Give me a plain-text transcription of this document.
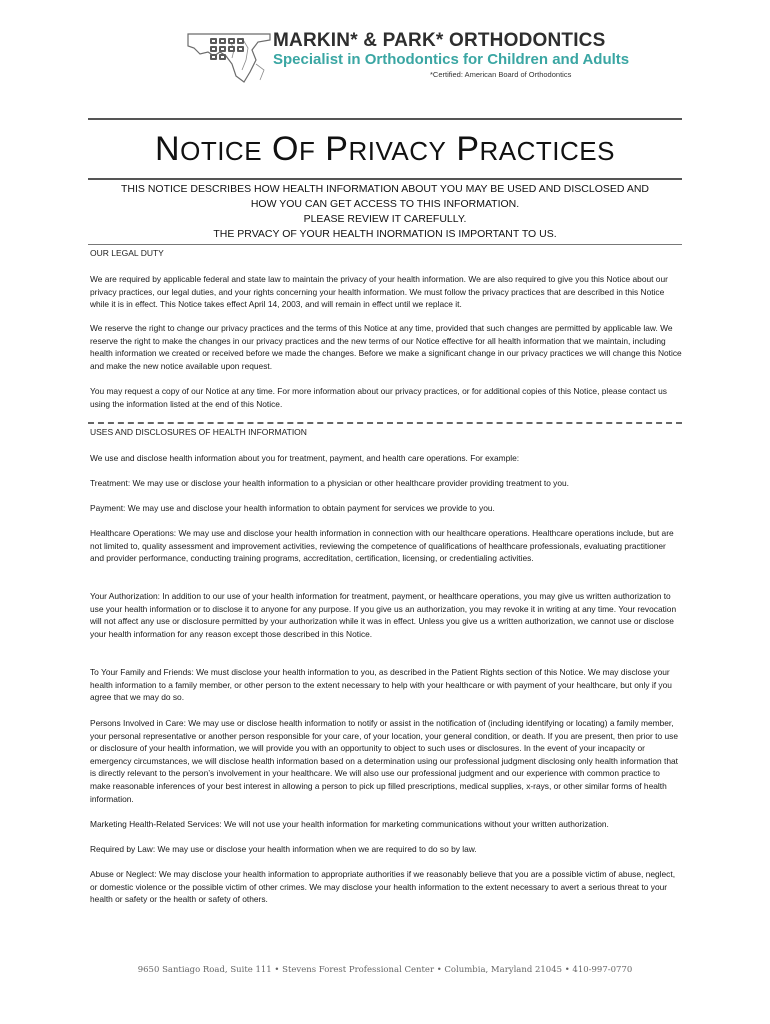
MARKIN* & PARK* ORTHODONTICS
Specialist in Orthodontics for Children and Adults
*Certified: American Board of Orthodontics
NOTICE OF PRIVACY PRACTICES
THIS NOTICE DESCRIBES HOW HEALTH INFORMATION ABOUT YOU MAY BE USED AND DISCLOSED AND
HOW YOU CAN GET ACCESS TO THIS INFORMATION.
PLEASE REVIEW IT CAREFULLY.
THE PRVACY OF YOUR HEALTH INORMATION IS IMPORTANT TO US.
OUR LEGAL DUTY
We are required by applicable federal and state law to maintain the privacy of your health information. We are also required to give you this Notice about our privacy practices, our legal duties, and your rights concerning your health information. We must follow the privacy practices that are described in this Notice while it is in effect. This Notice takes effect April 14, 2003, and will remain in effect until we replace it.
We reserve the right to change our privacy practices and the terms of this Notice at any time, provided that such changes are permitted by applicable law. We reserve the right to make the changes in our privacy practices and the new terms of our Notice effective for all health information that we maintain, including health information we created or received before we made the changes. Before we make a significant change in our privacy practices we will change this Notice and make the new notice available upon request.
You may request a copy of our Notice at any time. For more information about our privacy practices, or for additional copies of this Notice, please contact us using the information listed at the end of this Notice.
USES AND DISCLOSURES OF HEALTH INFORMATION
We use and disclose health information about you for treatment, payment, and health care operations. For example:
Treatment: We may use or disclose your health information to a physician or other healthcare provider providing treatment to you.
Payment: We may use and disclose your health information to obtain payment for services we provide to you.
Healthcare Operations: We may use and disclose your health information in connection with our healthcare operations. Healthcare operations include, but are not limited to, quality assessment and improvement activities, reviewing the competence of qualifications of healthcare professionals, evaluating practitioner and provider performance, conducting training programs, accreditation, certification, licensing, or credentialing activities.
Your Authorization: In addition to our use of your health information for treatment, payment, or healthcare operations, you may give us written authorization to use your health information or to disclose it to anyone for any purpose. If you give us an authorization, you may revoke it in writing at any time. Your revocation will not affect any use or disclosure permitted by your authorization while it was in effect. Unless you give us a written authorization, we cannot use or disclose your health information for any reason except those described in this Notice.
To Your Family and Friends: We must disclose your health information to you, as described in the Patient Rights section of this Notice. We may disclose your health information to a family member, or other person to the extent necessary to help with your healthcare or with payment of your healthcare, but only if you agree that we may do so.
Persons Involved in Care: We may use or disclose health information to notify or assist in the notification of (including identifying or locating) a family member, your personal representative or another person responsible for your care, of your location, your general condition, or death. If you are present, then prior to use or disclosure of your health information, we will provide you with an opportunity to object to such uses or disclosures. In the event of your incapacity or emergency circumstances, we will disclose health information based on a determination using our professional judgment disclosing only health information that is directly relevant to the person’s involvement in your healthcare. We will also use our professional judgment and our experience with common practice to make reasonable inferences of your best interest in allowing a person to pick up filled prescriptions, medical supplies, x-rays, or other similar forms of health information.
Marketing Health-Related Services: We will not use your health information for marketing communications without your written authorization.
Required by Law: We may use or disclose your health information when we are required to do so by law.
Abuse or Neglect: We may disclose your health information to appropriate authorities if we reasonably believe that you are a possible victim of abuse, neglect, or domestic violence or the possible victim of other crimes. We may disclose your health information to the extent necessary to avert a serious threat to your health or safety or the health or safety of others.
9650 Santiago Road, Suite 111 • Stevens Forest Professional Center • Columbia, Maryland 21045 • 410-997-0770
